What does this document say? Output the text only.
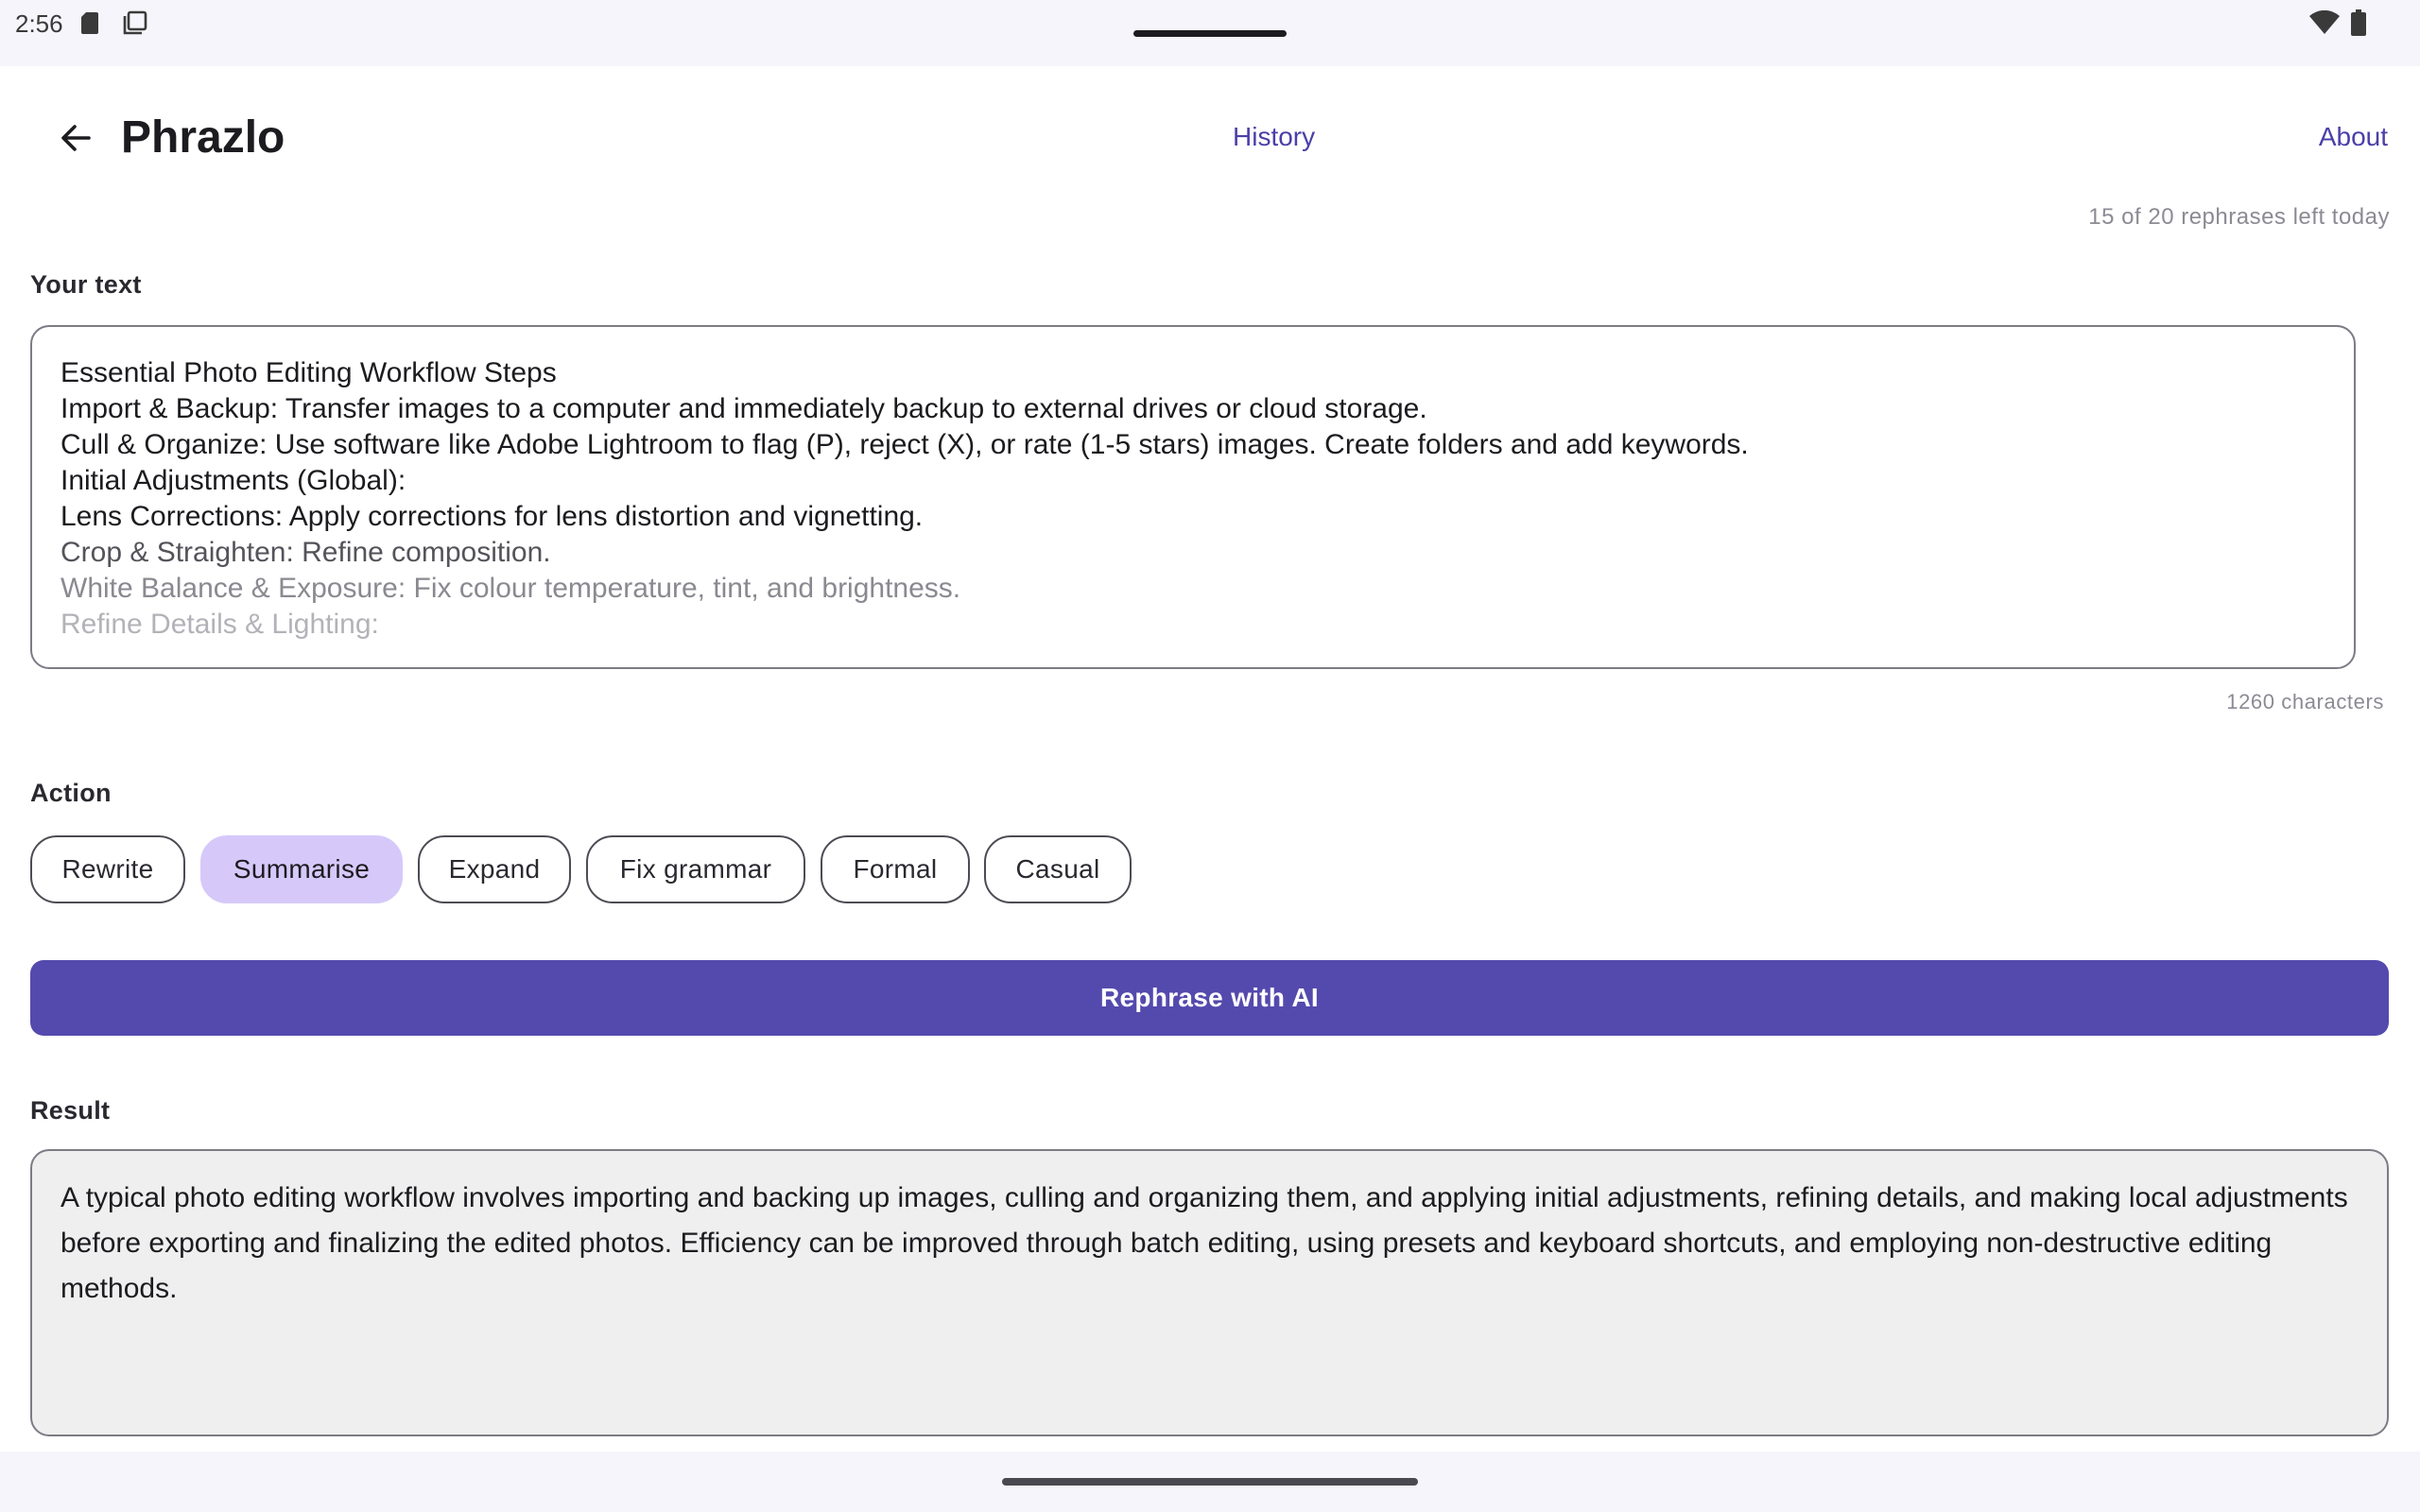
2:56
Phrazlo	History	About
15 of 20 rephrases left today
Your text
Essential Photo Editing Workflow Steps
Import & Backup: Transfer images to a computer and immediately backup to external drives or cloud storage.
Cull & Organize: Use software like Adobe Lightroom to flag (P), reject (X), or rate (1-5 stars) images. Create folders and add keywords.
Initial Adjustments (Global):
Lens Corrections: Apply corrections for lens distortion and vignetting.
Crop & Straighten: Refine composition.
White Balance & Exposure: Fix colour temperature, tint, and brightness.
Refine Details & Lighting:
1260 characters
Action
Rewrite	Summarise	Expand	Fix grammar	Formal	Casual
Rephrase with AI
Result
A typical photo editing workflow involves importing and backing up images, culling and organizing them, and applying initial adjustments, refining details, and making local adjustments before exporting and finalizing the edited photos. Efficiency can be improved through batch editing, using presets and keyboard shortcuts, and employing non-destructive editing methods.
